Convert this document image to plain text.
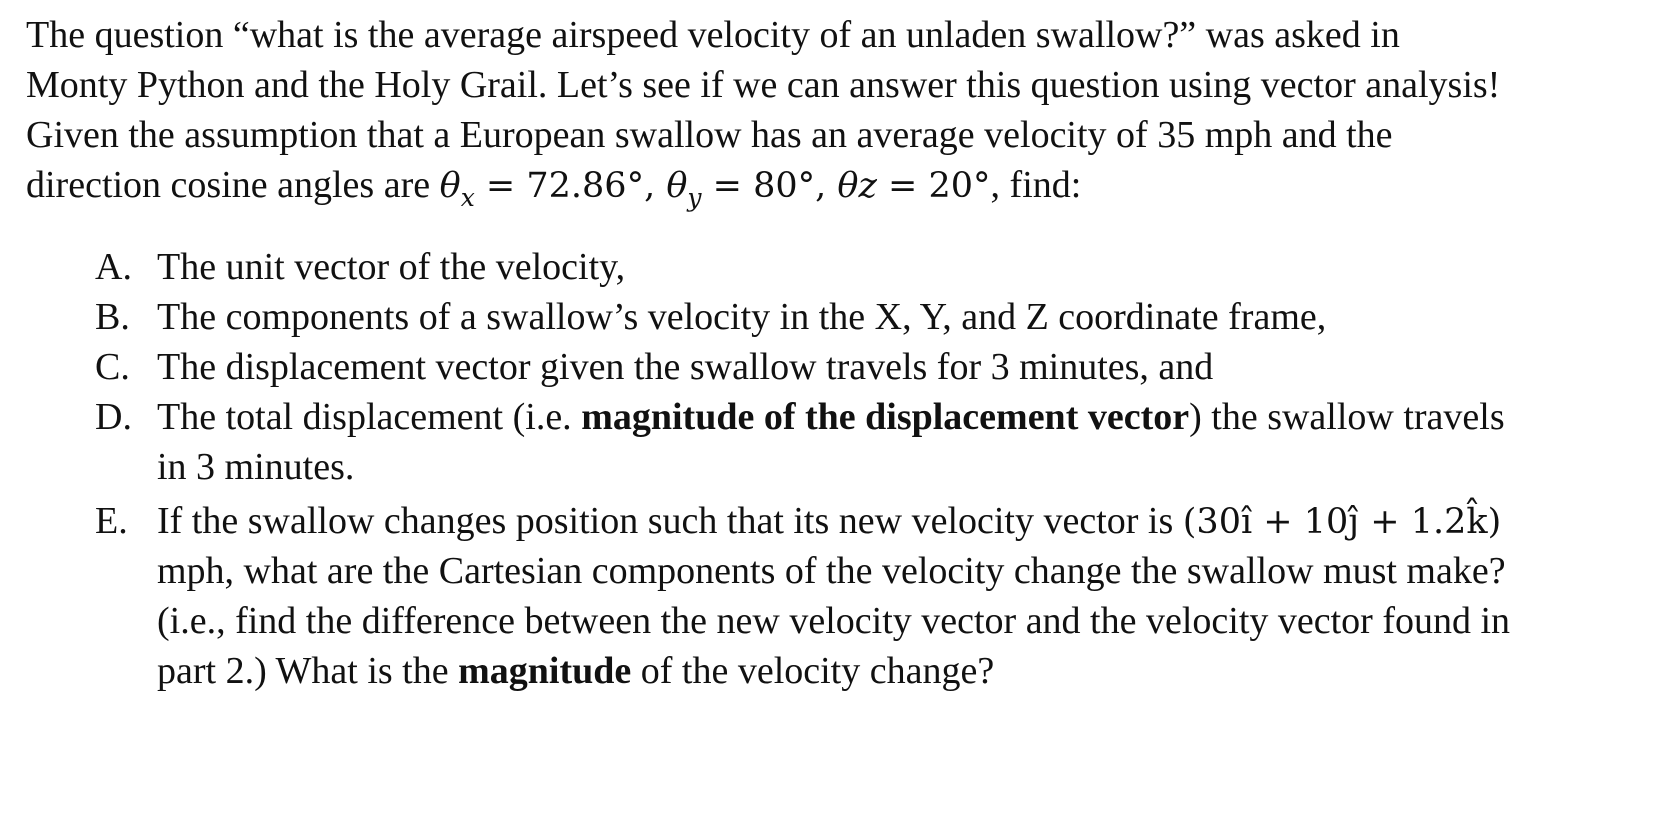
The question “what is the average airspeed velocity of an unladen swallow?” was asked in
Monty Python and the Holy Grail. Let’s see if we can answer this question using vector analysis!
Given the assumption that a European swallow has an average velocity of 35 mph and the
direction cosine angles are $\theta_x = 72.86^\circ$, $\theta_y = 80^\circ$, θz = 20°, find:
A. The unit vector of the velocity,
B. The components of a swallow’s velocity in the X, Y, and Z coordinate frame,
C. The displacement vector given the swallow travels for 3 minutes, and
D. The total displacement (i.e. magnitude of the displacement vector) the swallow travels
in 3 minutes.
E. If the swallow changes position such that its new velocity vector is (30î + 10ĵ + 1.2k̂)
mph, what are the Cartesian components of the velocity change the swallow must make?
(i.e., find the difference between the new velocity vector and the velocity vector found in
part 2.) What is the magnitude of the velocity change?
